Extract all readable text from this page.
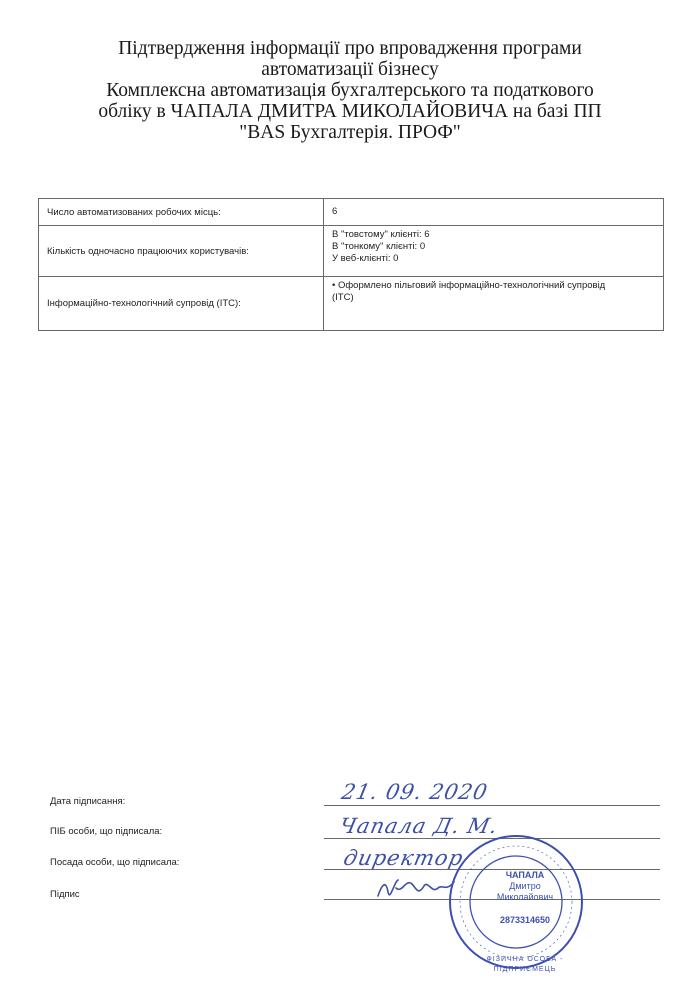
Підтвердження інформації про впровадження програми
автоматизації бізнесу
Комплексна автоматизація бухгалтерського та податкового
обліку в ЧАПАЛА ДМИТРА МИКОЛАЙОВИЧА на базі ПП
"BAS Бухгалтерія. ПРОФ"
Число автоматизованих робочих місць:	6

Кількість одночасно працюючих користувачів:	В "товстому" клієнті: 6
В "тонкому" клієнті: 0
У веб-клієнті: 0

Інформаційно-технологічний супровід (ІТС):	• Оформлено пільговий інформаційно-технологічний супровід
(ІТС)
Дата підписання:	21. 09. 2020
ПІБ особи, що підписала:	Чапала Д. М.
Посада особи, що підписала:	директор
Підпис
ЧАПАЛА
Дмитро
Миколайович
2873314650
ФІЗИЧНА ОСОБА - ПІДПРИЄМЕЦЬ
